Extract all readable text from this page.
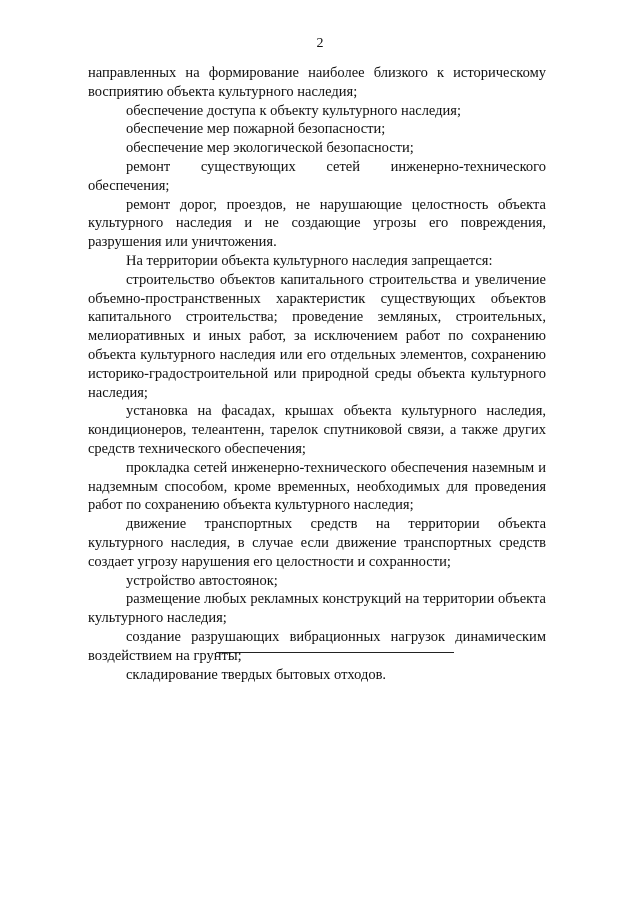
2

направленных на формирование наиболее близкого к историческому восприятию объекта культурного наследия;

обеспечение доступа к объекту культурного наследия;

обеспечение мер пожарной безопасности;

обеспечение мер экологической безопасности;

ремонт существующих сетей инженерно-технического обеспечения;

ремонт дорог, проездов, не нарушающие целостность объекта культурного наследия и не создающие угрозы его повреждения, разрушения или уничтожения.

На территории объекта культурного наследия запрещается:

строительство объектов капитального строительства и увеличение объемно-пространственных характеристик существующих объектов капитального строительства; проведение земляных, строительных, мелиоративных и иных работ, за исключением работ по сохранению объекта культурного наследия или его отдельных элементов, сохранению историко-градостроительной или природной среды объекта культурного наследия;

установка на фасадах, крышах объекта культурного наследия, кондиционеров, телеантенн, тарелок спутниковой связи, а также других средств технического обеспечения;

прокладка сетей инженерно-технического обеспечения наземным и надземным способом, кроме временных, необходимых для проведения работ по сохранению объекта культурного наследия;

движение транспортных средств на территории объекта культурного наследия, в случае если движение транспортных средств создает угрозу нарушения его целостности и сохранности;

устройство автостоянок;

размещение любых рекламных конструкций на территории объекта культурного наследия;

создание разрушающих вибрационных нагрузок динамическим воздействием на грунты;

складирование твердых бытовых отходов.
